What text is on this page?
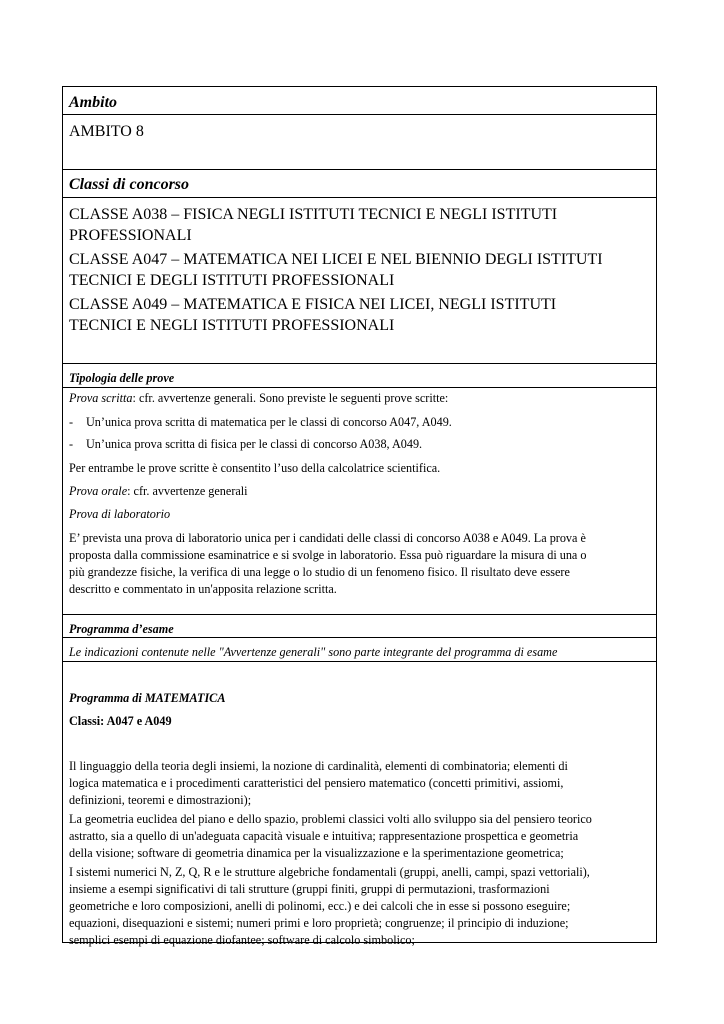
Ambito
AMBITO 8
Classi di concorso
CLASSE A038 – FISICA NEGLI ISTITUTI TECNICI E NEGLI ISTITUTI
PROFESSIONALI
CLASSE A047 – MATEMATICA NEI LICEI E NEL BIENNIO DEGLI ISTITUTI
TECNICI E DEGLI ISTITUTI PROFESSIONALI
CLASSE A049 – MATEMATICA E FISICA NEI LICEI, NEGLI ISTITUTI
TECNICI E NEGLI ISTITUTI PROFESSIONALI
Tipologia delle prove
Prova scritta: cfr. avvertenze generali. Sono previste le seguenti prove scritte:
- Un’unica prova scritta di matematica per le classi di concorso A047, A049.
- Un’unica prova scritta di fisica per le classi di concorso A038, A049.
Per entrambe le prove scritte è consentito l’uso della calcolatrice scientifica.
Prova orale: cfr. avvertenze generali
Prova di laboratorio
E’ prevista una prova di laboratorio unica per i candidati delle classi di concorso A038 e A049. La prova è
proposta dalla commissione esaminatrice e si svolge in laboratorio. Essa può riguardare la misura di una o
più grandezze fisiche, la verifica di una legge o lo studio di un fenomeno fisico. Il risultato deve essere
descritto e commentato in un'apposita relazione scritta.
Programma d’esame
Le indicazioni contenute nelle "Avvertenze generali" sono parte integrante del programma di esame
Programma di MATEMATICA
Classi: A047 e A049
Il linguaggio della teoria degli insiemi, la nozione di cardinalità, elementi di combinatoria; elementi di
logica matematica e i procedimenti caratteristici del pensiero matematico (concetti primitivi, assiomi,
definizioni, teoremi e dimostrazioni);
La geometria euclidea del piano e dello spazio, problemi classici volti allo sviluppo sia del pensiero teorico
astratto, sia a quello di un'adeguata capacità visuale e intuitiva; rappresentazione prospettica e geometria
della visione; software di geometria dinamica per la visualizzazione e la sperimentazione geometrica;
I sistemi numerici N, Z, Q, R e le strutture algebriche fondamentali (gruppi, anelli, campi, spazi vettoriali),
insieme a esempi significativi di tali strutture (gruppi finiti, gruppi di permutazioni, trasformazioni
geometriche e loro composizioni, anelli di polinomi, ecc.) e dei calcoli che in esse si possono eseguire;
equazioni, disequazioni e sistemi; numeri primi e loro proprietà; congruenze; il principio di induzione;
semplici esempi di equazione diofantee; software di calcolo simbolico;
